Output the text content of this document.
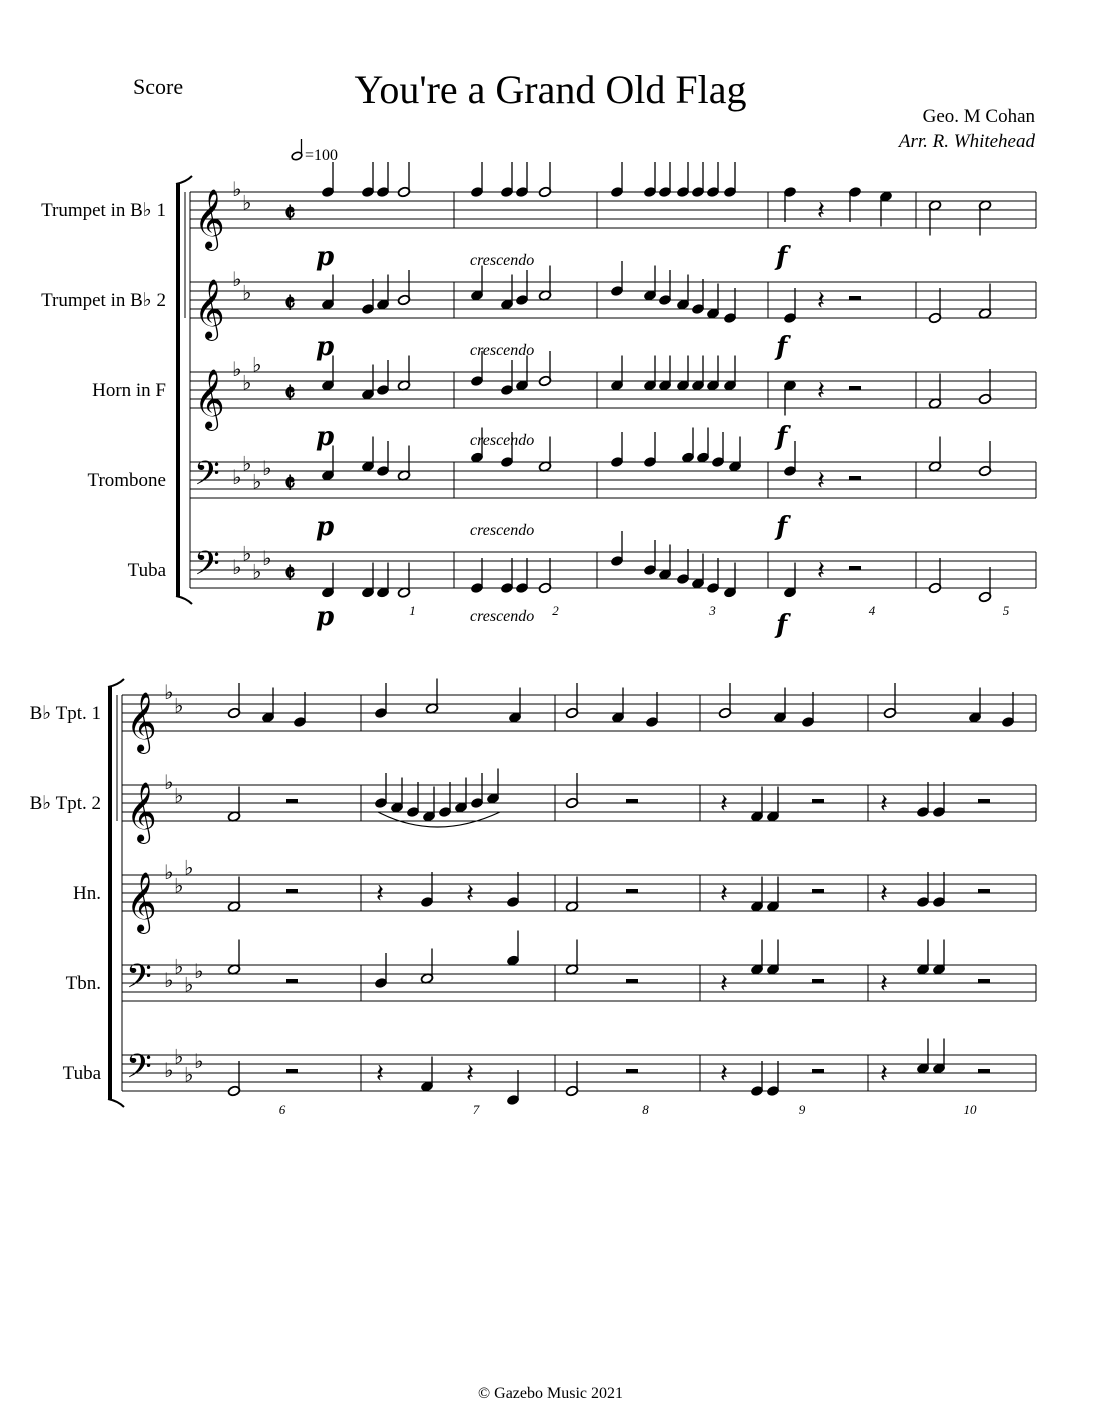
Score	You're a Grand Old Flag
Geo. M Cohan
Arr. R. Whitehead
© Gazebo Music 2021
=100
Trumpet in B♭ 1 𝄞 ♭
♭ 𝄵
Trumpet in B♭ 2 𝄞 ♭
♭ 𝄵
Horn in F 𝄞 ♭
♭
♭
𝄵
Trombone 𝄢 ♭
♭
♭
♭
𝄵
Tuba 𝄢 ♭
♭
♭
♭
𝄵
1	2	3	4	5
𝄽
𝄽
𝄽
𝄽
𝄽
p	crescendo	f
p	crescendo	f
p	crescendo	f
p	crescendo	f
p	crescendo	f
B♭ Tpt. 1 𝄞 ♭
♭
B♭ Tpt. 2 𝄞 ♭
♭
Hn. 𝄞 ♭
♭
♭
Tbn. 𝄢 ♭
♭
♭
♭
Tuba 𝄢 ♭
♭
♭
♭
6	7	8	9	10
𝄽	𝄽
𝄽	𝄽	𝄽	𝄽
𝄽	𝄽
𝄽	𝄽	𝄽	𝄽
